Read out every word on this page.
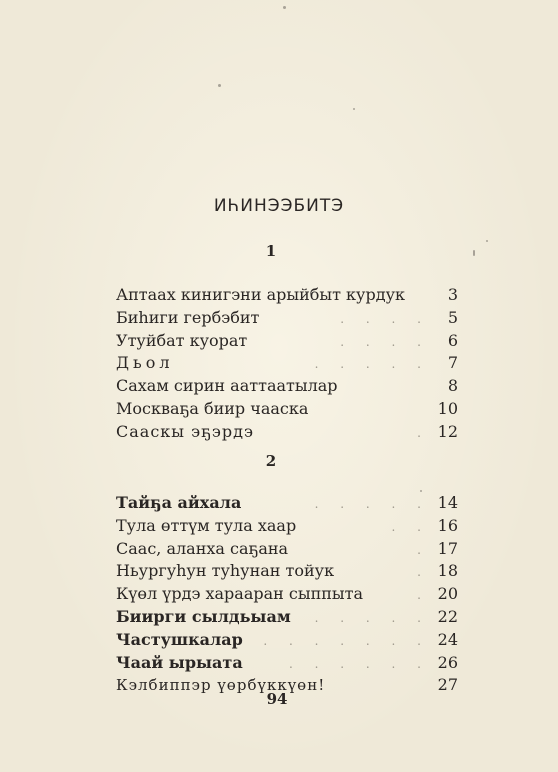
ИҺИНЭЭБИТЭ
1
Аптаах кинигэни арыйбыт курдук	3
Биһиги гербэбит	. . . .	5
Утуйбат куорат	. . . .	6
Дьол	. . . . .	7
Сахам сирин ааттаатылар	8
Москваҕа биир чааска	10
Сааскы эҕэрдэ	. 12
2
Тайҕа айхала	. . . . . 14
Тула өттүм тула хаар	. . 16
Саас, аланха саҕана	. 17
Ньургуһун туһунан тойук	. 18
Күөл үрдэ харааран сыппыта	. 20
Биирги сылдьыам	. . . . . 22
Частушкалар	. . . . . . . 24
Чаай ырыата	. . . . . . 26
Кэлбиппэр үөрбүккүөн!	27
94
